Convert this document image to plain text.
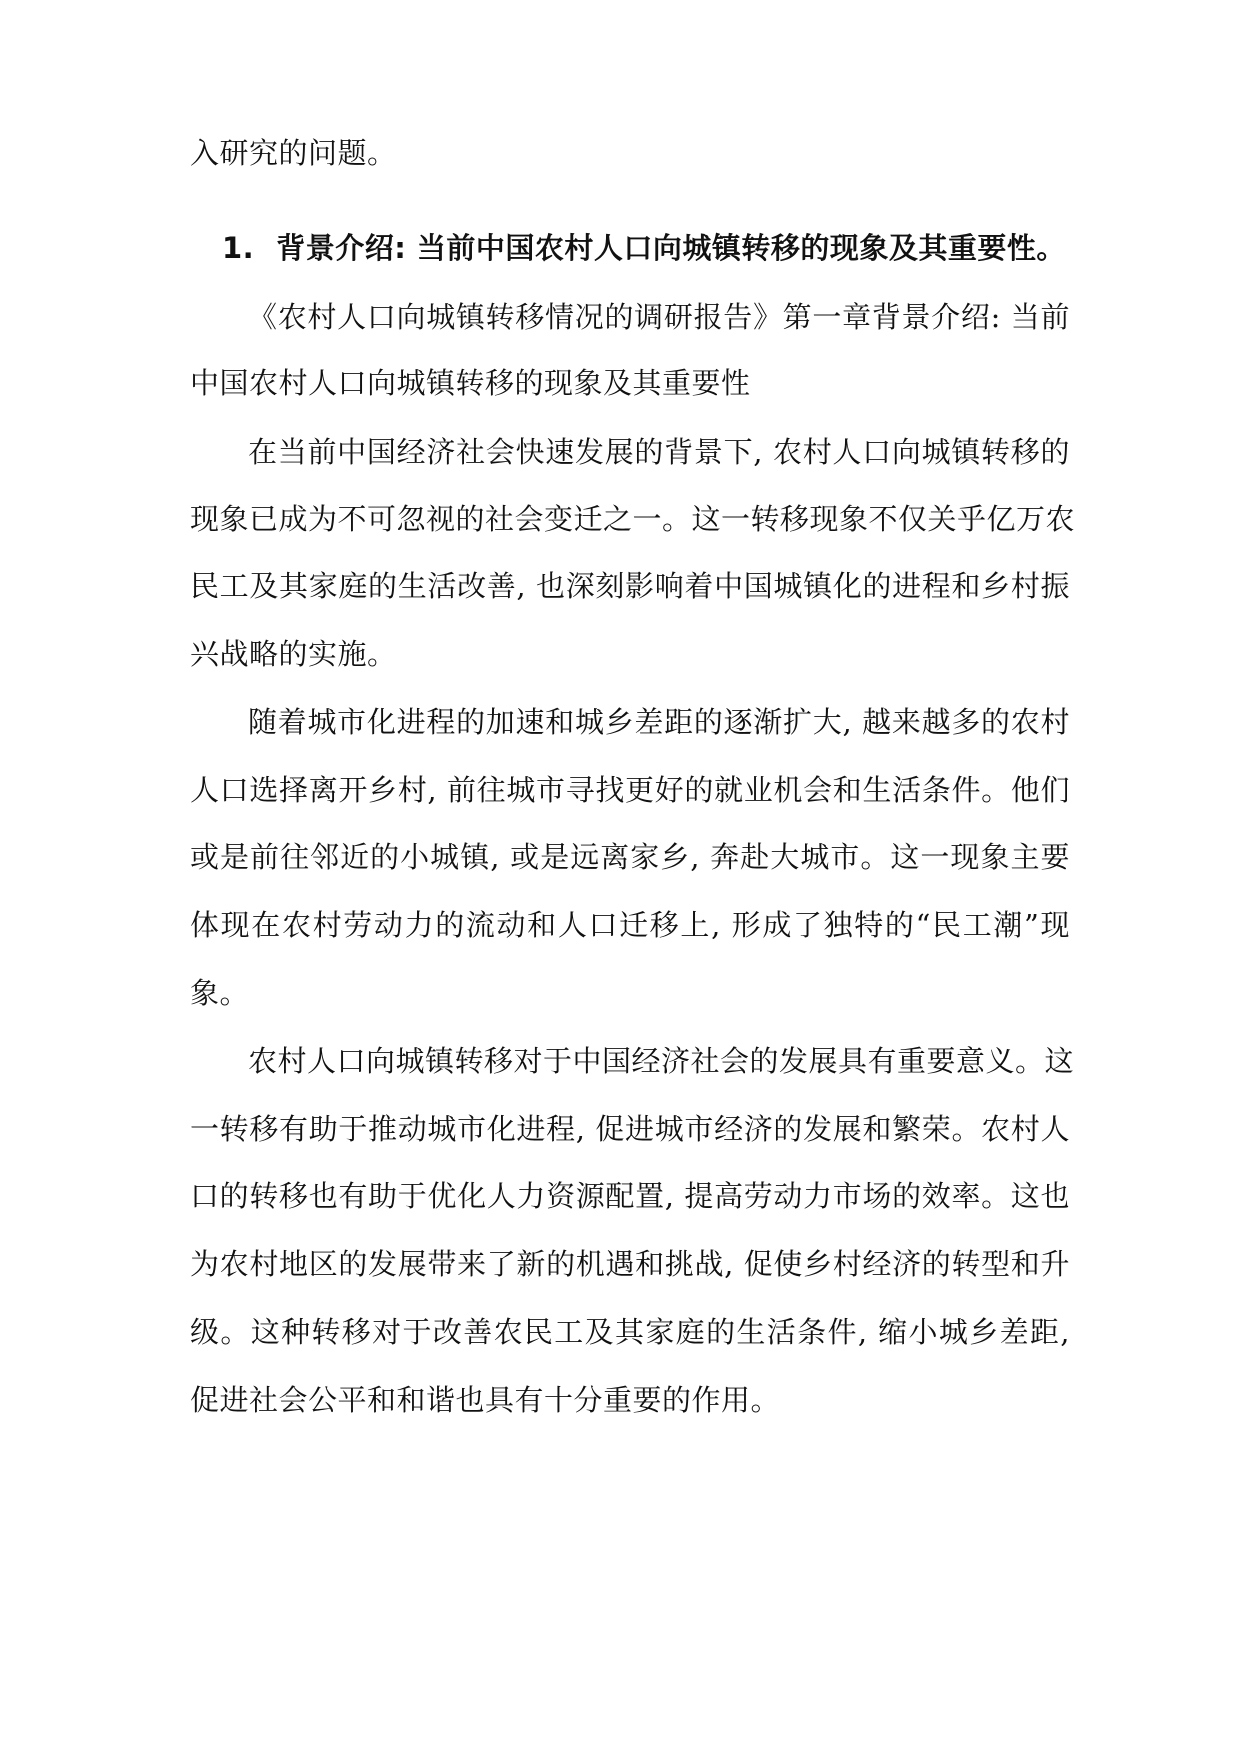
入研究的问题。
1. 背景介绍: 当前中国农村人口向城镇转移的现象及其重要性。
《农村人口向城镇转移情况的调研报告》第一章背景介绍: 当前
中国农村人口向城镇转移的现象及其重要性
在当前中国经济社会快速发展的背景下, 农村人口向城镇转移的
现象已成为不可忽视的社会变迁之一。这一转移现象不仅关乎亿万农
民工及其家庭的生活改善, 也深刻影响着中国城镇化的进程和乡村振
兴战略的实施。
随着城市化进程的加速和城乡差距的逐渐扩大, 越来越多的农村
人口选择离开乡村, 前往城市寻找更好的就业机会和生活条件。他们
或是前往邻近的小城镇, 或是远离家乡, 奔赴大城市。这一现象主要
体现在农村劳动力的流动和人口迁移上, 形成了独特的“民工潮”现
象。
农村人口向城镇转移对于中国经济社会的发展具有重要意义。这
一转移有助于推动城市化进程, 促进城市经济的发展和繁荣。农村人
口的转移也有助于优化人力资源配置, 提高劳动力市场的效率。这也
为农村地区的发展带来了新的机遇和挑战, 促使乡村经济的转型和升
级。这种转移对于改善农民工及其家庭的生活条件, 缩小城乡差距,
促进社会公平和和谐也具有十分重要的作用。
